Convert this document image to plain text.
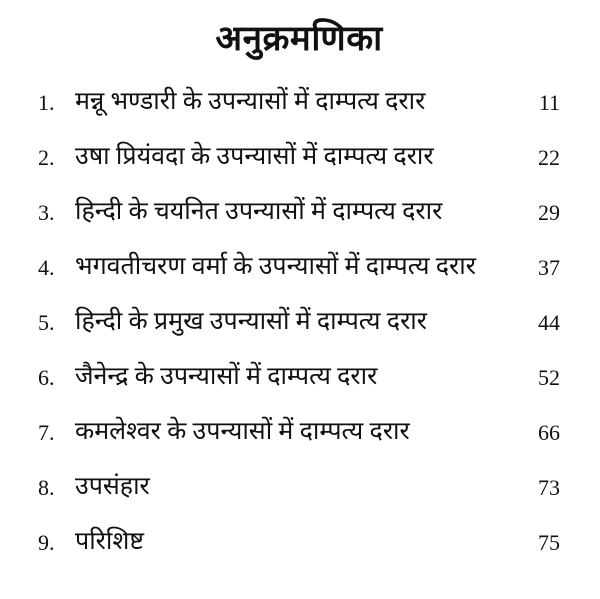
अनुक्रमणिका
1. मन्नू भण्डारी के उपन्यासों में दाम्पत्य दरार	11
2. उषा प्रियंवदा के उपन्यासों में दाम्पत्य दरार	22
3. हिन्दी के चयनित उपन्यासों में दाम्पत्य दरार	29
4. भगवतीचरण वर्मा के उपन्यासों में दाम्पत्य दरार	37
5. हिन्दी के प्रमुख उपन्यासों में दाम्पत्य दरार	44
6. जैनेन्द्र के उपन्यासों में दाम्पत्य दरार	52
7. कमलेश्वर के उपन्यासों में दाम्पत्य दरार	66
8. उपसंहार	73
9. परिशिष्ट	75
